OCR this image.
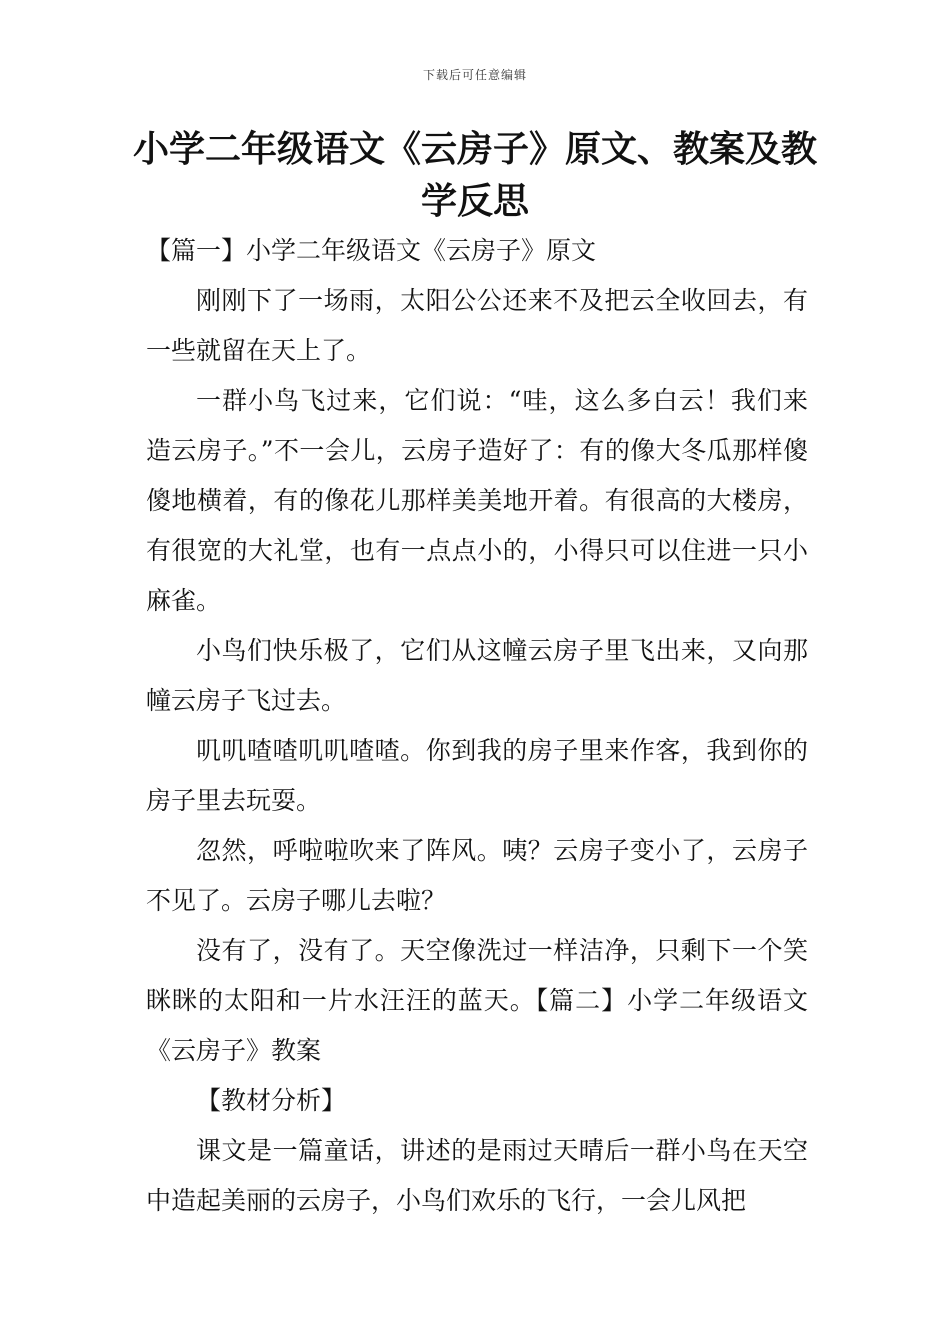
下载后可任意编辑
小学二年级语文《云房子》原文、教案及教学反思

【篇一】小学二年级语文《云房子》原文

刚刚下了一场雨，太阳公公还来不及把云全收回去，有一些就留在天上了。

一群小鸟飞过来，它们说：“哇，这么多白云！我们来造云房子。”不一会儿，云房子造好了：有的像大冬瓜那样傻傻地横着，有的像花儿那样美美地开着。有很高的大楼房，有很宽的大礼堂，也有一点点小的，小得只可以住进一只小麻雀。

小鸟们快乐极了，它们从这幢云房子里飞出来，又向那幢云房子飞过去。

叽叽喳喳叽叽喳喳。你到我的房子里来作客，我到你的房子里去玩耍。

忽然，呼啦啦吹来了阵风。咦？云房子变小了，云房子不见了。云房子哪儿去啦？

没有了，没有了。天空像洗过一样洁净，只剩下一个笑眯眯的太阳和一片水汪汪的蓝天。【篇二】小学二年级语文《云房子》教案

【教材分析】

课文是一篇童话，讲述的是雨过天晴后一群小鸟在天空中造起美丽的云房子，小鸟们欢乐的飞行，一会儿风把
